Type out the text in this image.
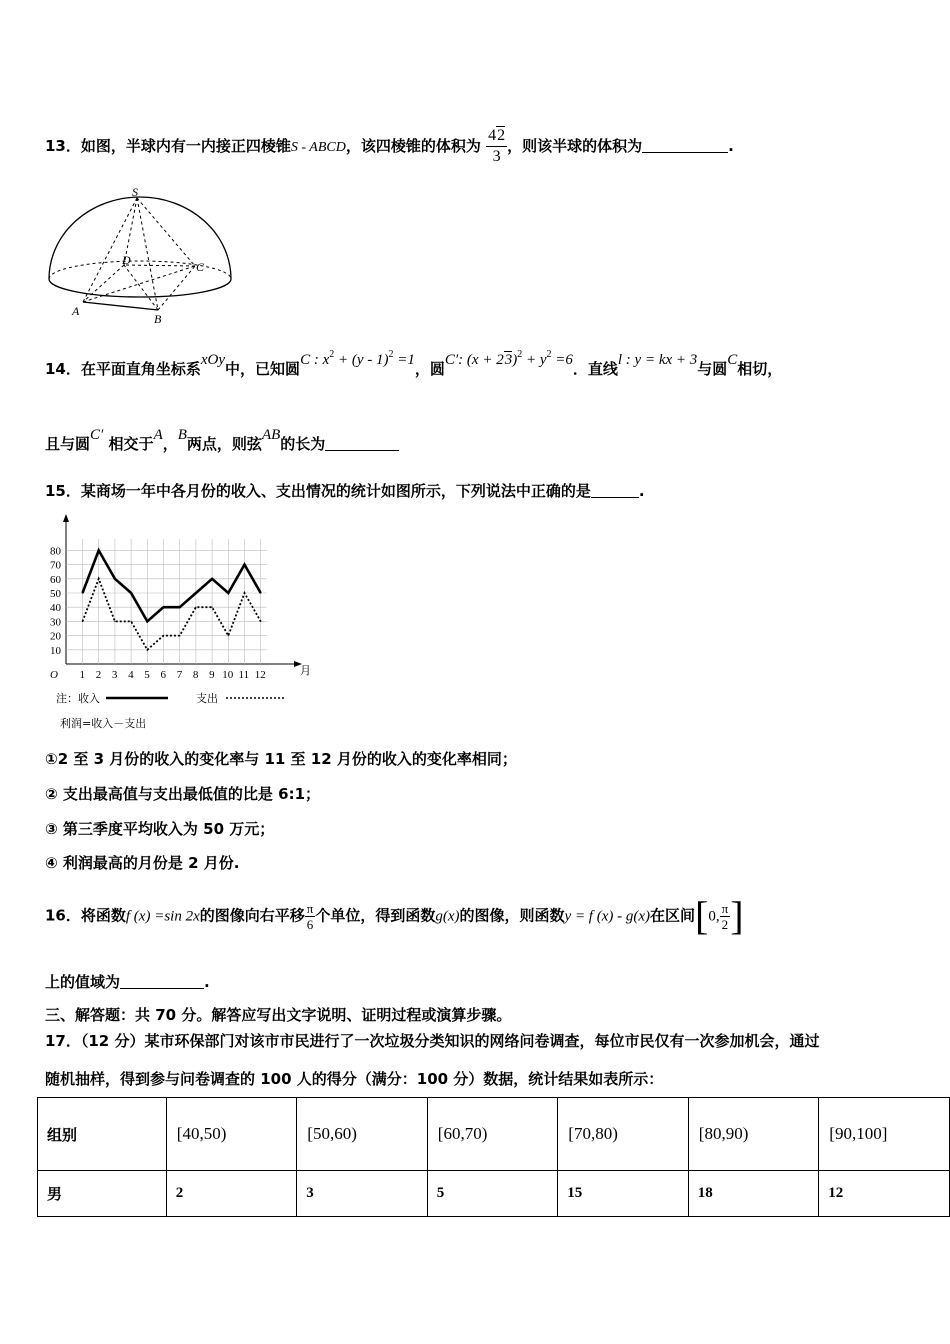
13．如图，半球内有一内接正四棱锥S - ABCD，该四棱锥的体积为 $\frac{42}{3}$ ，则该半球的体积为	.
S
D	C
A
B
14．在平面直角坐标系xOy中，已知圆C : $x^2 + (y - 1)^2 =1$，圆C′: $(x + 23)^2 + y^2 =6$．直线l : y = kx + 3与圆C相切，
且与圆C′ 相交于A，B两点，则弦AB的长为
15．某商场一年中各月份的收入、支出情况的统计如图所示，下列说法中正确的是	.
10
20
30
40
50
60
70
80
1 2 3 4 5 6 7 8 9 10 11 12	月
O
注：收入	支出
利润=收入－支出
①2 至 3 月份的收入的变化率与 11 至 12 月份的收入的变化率相同；
② 支出最高值与支出最低值的比是 6:1；
③ 第三季度平均收入为 50 万元；
④ 利润最高的月份是 2 月份.
16．将函数f (x) =sin 2x的图像向右平移 $\frac{\pi}{6}$ 个单位，得到函数g(x)的图像，则函数y = f (x) - g(x)在区间[0, $\frac{\pi}{2}$ ]
上的值域为	.
三、解答题：共 70 分。解答应写出文字说明、证明过程或演算步骤。
17．（12 分）某市环保部门对该市市民进行了一次垃圾分类知识的网络问卷调查，每位市民仅有一次参加机会，通过
随机抽样，得到参与问卷调查的 100 人的得分（满分：100 分）数据，统计结果如表所示：
组别	[40,50)	[50,60)	[60,70)	[70,80)	[80,90)	[90,100]
男	2	3	5	15	18	12
